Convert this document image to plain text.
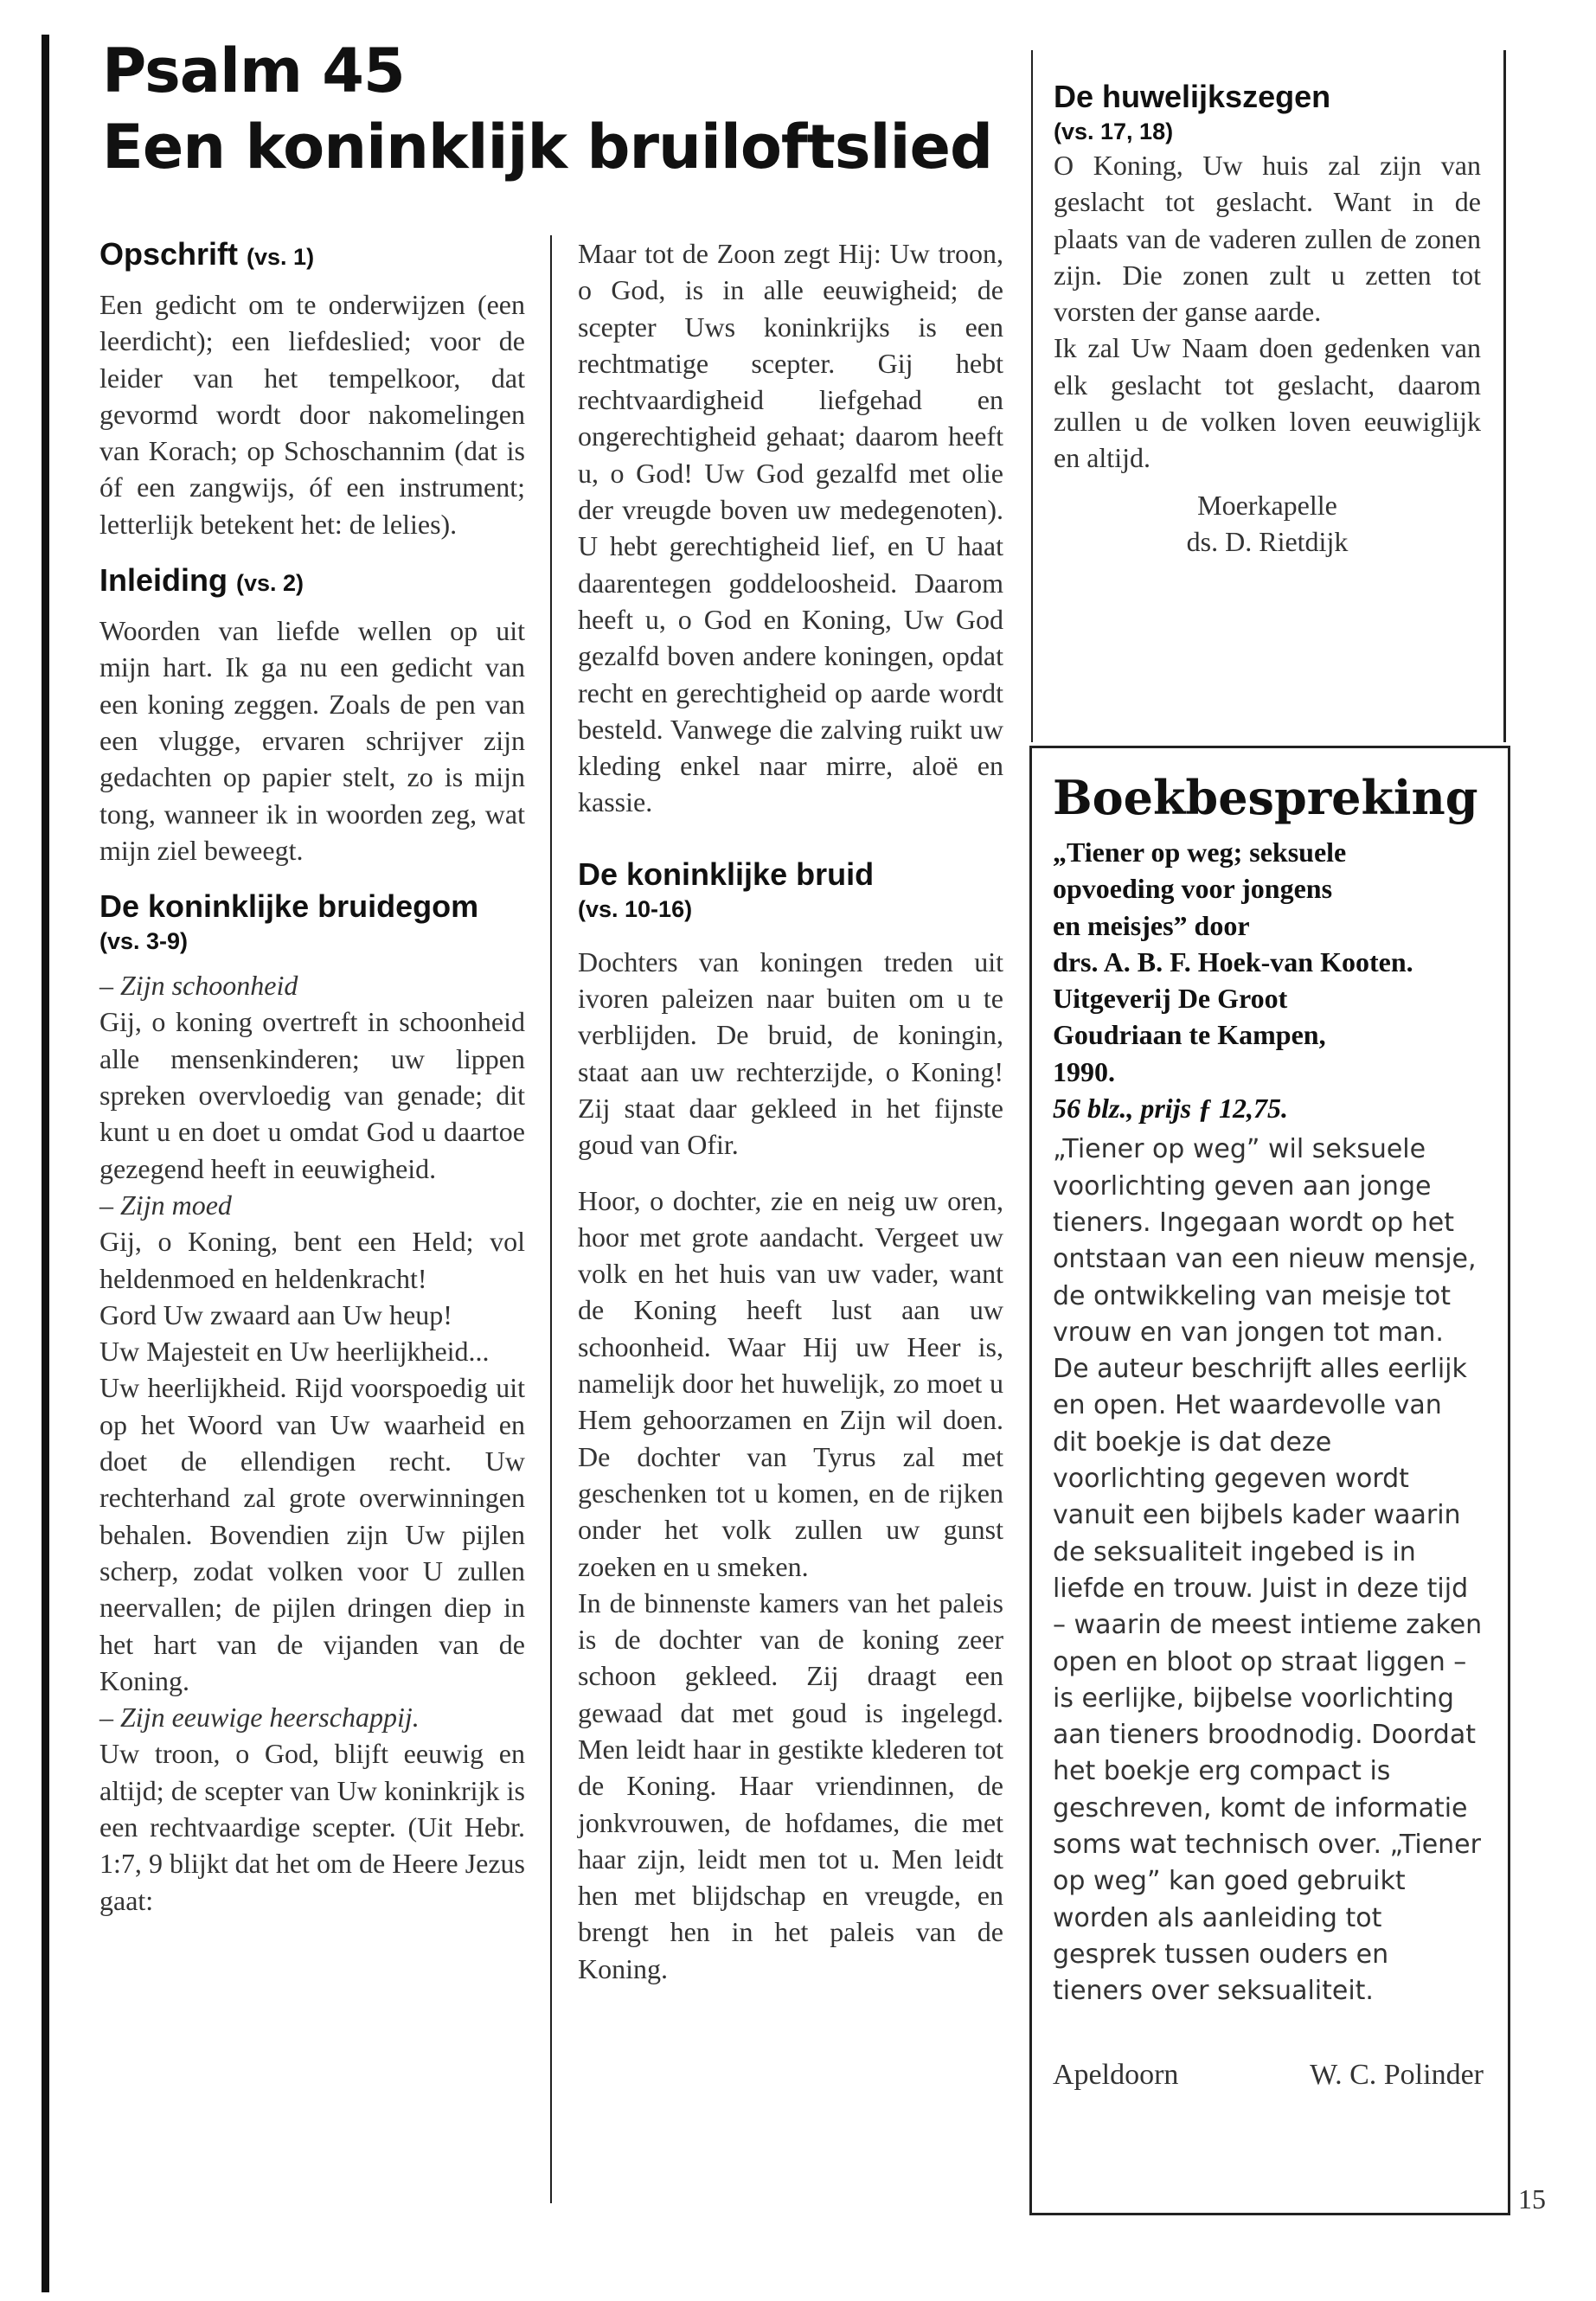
Psalm 45
Een koninklijk bruiloftslied
Opschrift (vs. 1)

Een gedicht om te onderwijzen (een leerdicht); een liefdeslied; voor de leider van het tempelkoor, dat gevormd wordt door nakomelingen van Korach; op Schoschannim (dat is óf een zangwijs, óf een instrument; letterlijk betekent het: de lelies).

Inleiding (vs. 2)

Woorden van liefde wellen op uit mijn hart. Ik ga nu een gedicht van een koning zeggen. Zoals de pen van een vlugge, ervaren schrijver zijn gedachten op papier stelt, zo is mijn tong, wanneer ik in woorden zeg, wat mijn ziel beweegt.

De koninklijke bruidegom
(vs. 3-9)

– Zijn schoonheid

Gij, o koning overtreft in schoonheid alle mensenkinderen; uw lippen spreken overvloedig van genade; dit kunt u en doet u omdat God u daartoe gezegend heeft in eeuwigheid.

– Zijn moed

Gij, o Koning, bent een Held; vol heldenmoed en heldenkracht!

Gord Uw zwaard aan Uw heup!

Uw Majesteit en Uw heerlijkheid...

Uw heerlijkheid. Rijd voorspoedig uit op het Woord van Uw waarheid en doet de ellendigen recht. Uw rechterhand zal grote overwinningen behalen. Bovendien zijn Uw pijlen scherp, zodat volken voor U zullen neervallen; de pijlen dringen diep in het hart van de vijanden van de Koning.

– Zijn eeuwige heerschappij.

Uw troon, o God, blijft eeuwig en altijd; de scepter van Uw koninkrijk is een rechtvaardige scepter. (Uit Hebr. 1:7, 9 blijkt dat het om de Heere Jezus gaat:

Maar tot de Zoon zegt Hij: Uw troon, o God, is in alle eeuwigheid; de scepter Uws koninkrijks is een rechtmatige scepter. Gij hebt rechtvaardigheid liefgehad en ongerechtigheid gehaat; daarom heeft u, o God! Uw God gezalfd met olie der vreugde boven uw medegenoten). U hebt gerechtigheid lief, en U haat daarentegen goddeloosheid. Daarom heeft u, o God en Koning, Uw God gezalfd boven andere koningen, opdat recht en gerechtigheid op aarde wordt besteld. Vanwege die zalving ruikt uw kleding enkel naar mirre, aloë en kassie.

De koninklijke bruid
(vs. 10-16)

Dochters van koningen treden uit ivoren paleizen naar buiten om u te verblijden. De bruid, de koningin, staat aan uw rechterzijde, o Koning! Zij staat daar gekleed in het fijnste goud van Ofir.

Hoor, o dochter, zie en neig uw oren, hoor met grote aandacht. Vergeet uw volk en het huis van uw vader, want de Koning heeft lust aan uw schoonheid. Waar Hij uw Heer is, namelijk door het huwelijk, zo moet u Hem gehoorzamen en Zijn wil doen. De dochter van Tyrus zal met geschenken tot u komen, en de rijken onder het volk zullen uw gunst zoeken en u smeken.

In de binnenste kamers van het paleis is de dochter van de koning zeer schoon gekleed. Zij draagt een gewaad dat met goud is ingelegd. Men leidt haar in gestikte klederen tot de Koning. Haar vriendinnen, de jonkvrouwen, de hofdames, die met haar zijn, leidt men tot u. Men leidt hen met blijdschap en vreugde, en brengt hen in het paleis van de Koning.

De huwelijkszegen
(vs. 17, 18)

O Koning, Uw huis zal zijn van geslacht tot geslacht. Want in de plaats van de vaderen zullen de zonen zijn. Die zonen zult u zetten tot vorsten der ganse aarde.

Ik zal Uw Naam doen gedenken van elk geslacht tot geslacht, daarom zullen u de volken loven eeuwiglijk en altijd.

Moerkapelle
ds. D. Rietdijk
Boekbespreking
„Tiener op weg; seksuele
opvoeding voor jongens
en meisjes” door
drs. A. B. F. Hoek-van Kooten.
Uitgeverij De Groot
Goudriaan te Kampen,
1990.
56 blz., prijs ƒ 12,75.
„Tiener op weg” wil seksuele voorlichting geven aan jonge tieners. Ingegaan wordt op het ontstaan van een nieuw mensje, de ontwikkeling van meisje tot vrouw en van jongen tot man. De auteur beschrijft alles eerlijk en open. Het waardevolle van dit boekje is dat deze voorlichting gegeven wordt vanuit een bijbels kader waarin de seksualiteit ingebed is in liefde en trouw. Juist in deze tijd – waarin de meest intieme zaken open en bloot op straat liggen – is eerlijke, bijbelse voorlichting aan tieners broodnodig. Doordat het boekje erg compact is geschreven, komt de informatie soms wat technisch over. „Tiener op weg” kan goed gebruikt worden als aanleiding tot gesprek tussen ouders en tieners over seksualiteit.
Apeldoorn	W. C. Polinder
15
